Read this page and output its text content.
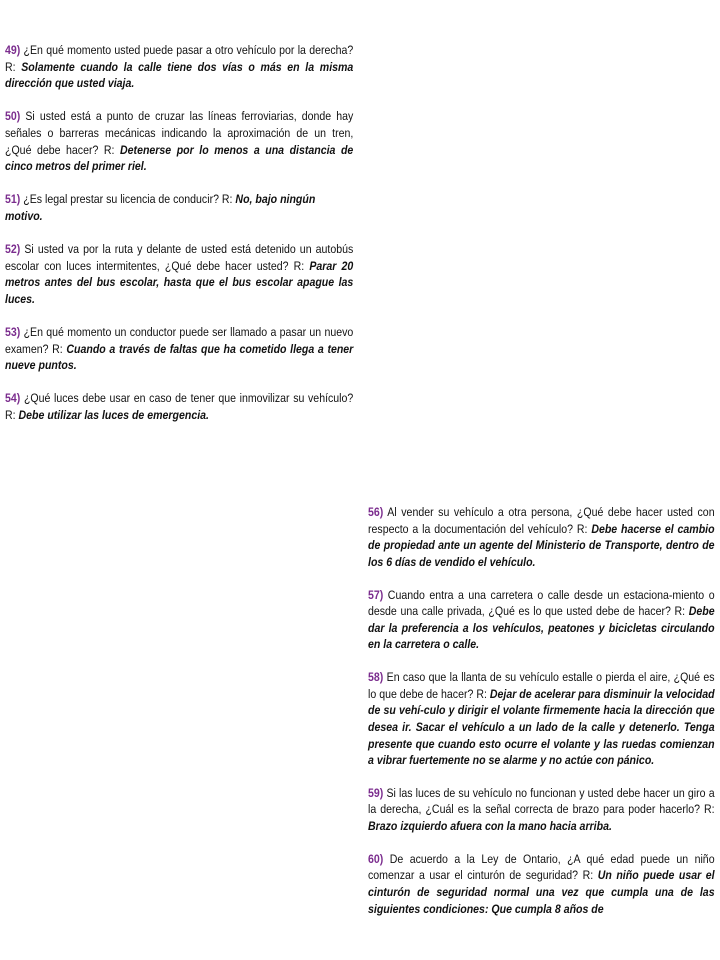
49) ¿En qué momento usted puede pasar a otro vehículo por la derecha? R: Solamente cuando la calle tiene dos vías o más en la misma dirección que usted viaja.

50) Si usted está a punto de cruzar las líneas ferroviarias, donde hay señales o barreras mecánicas indicando la aproximación de un tren, ¿Qué debe hacer? R: Detenerse por lo menos a una distancia de cinco metros del primer riel.

51) ¿Es legal prestar su licencia de conducir? R: No, bajo ningún motivo.

52) Si usted va por la ruta y delante de usted está detenido un autobús escolar con luces intermitentes, ¿Qué debe hacer usted? R: Parar 20 metros antes del bus escolar, hasta que el bus escolar apague las luces.

53) ¿En qué momento un conductor puede ser llamado a pasar un nuevo examen? R: Cuando a través de faltas que ha cometido llega a tener nueve puntos.

54) ¿Qué luces debe usar en caso de tener que inmovilizar su vehículo? R: Debe utilizar las luces de emergencia.

56) Al vender su vehículo a otra persona, ¿Qué debe hacer usted con respecto a la documentación del vehículo? R: Debe hacerse el cambio de propiedad ante un agente del Ministerio de Transporte, dentro de los 6 días de vendido el vehículo.

57) Cuando entra a una carretera o calle desde un estaciona-miento o desde una calle privada, ¿Qué es lo que usted debe de hacer? R: Debe dar la preferencia a los vehículos, peatones y bicicletas circulando en la carretera o calle.

58) En caso que la llanta de su vehículo estalle o pierda el aire, ¿Qué es lo que debe de hacer? R: Dejar de acelerar para disminuir la velocidad de su vehí-culo y dirigir el volante firmemente hacia la dirección que desea ir. Sacar el vehículo a un lado de la calle y detenerlo. Tenga presente que cuando esto ocurre el volante y las ruedas comienzan a vibrar fuertemente no se alarme y no actúe con pánico.

59) Si las luces de su vehículo no funcionan y usted debe hacer un giro a la derecha, ¿Cuál es la señal correcta de brazo para poder hacerlo? R: Brazo izquierdo afuera con la mano hacia arriba.

60) De acuerdo a la Ley de Ontario, ¿A qué edad puede un niño comenzar a usar el cinturón de seguridad? R: Un niño puede usar el cinturón de seguridad normal una vez que cumpla una de las siguientes condiciones: Que cumpla 8 años de
